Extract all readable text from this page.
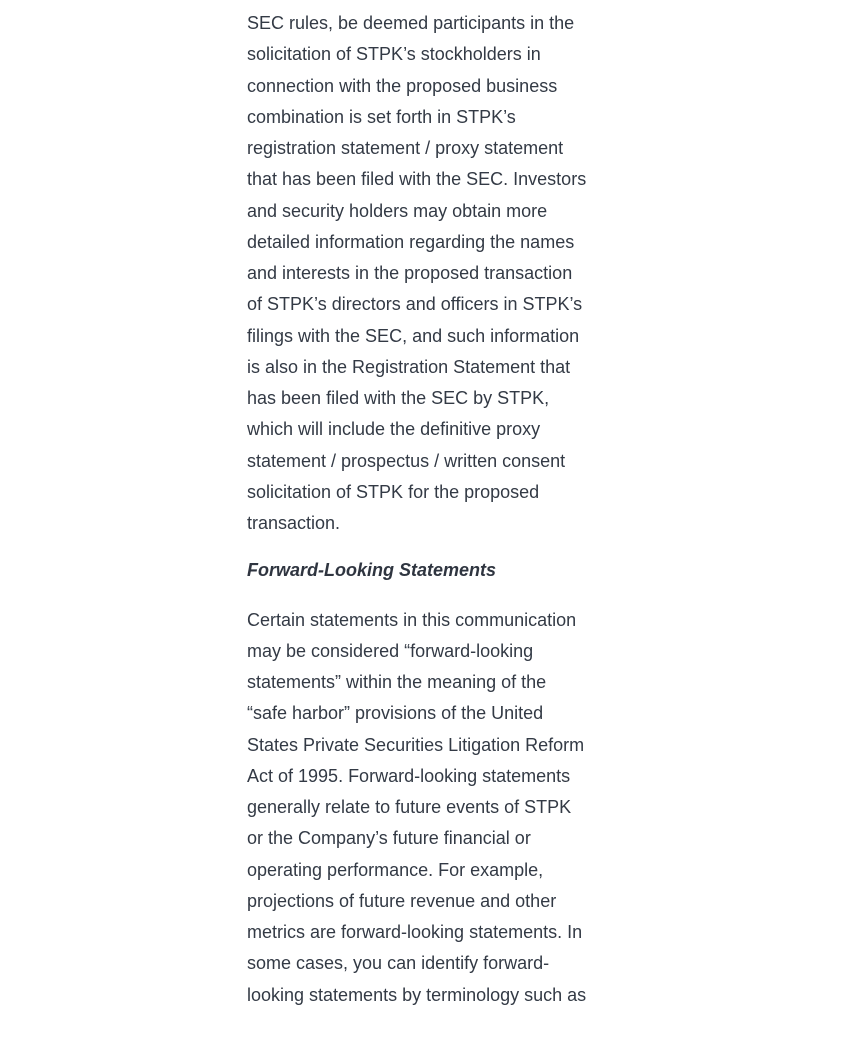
SEC rules, be deemed participants in the
solicitation of STPK’s stockholders in
connection with the proposed business
combination is set forth in STPK’s
registration statement / proxy statement
that has been filed with the SEC. Investors
and security holders may obtain more
detailed information regarding the names
and interests in the proposed transaction
of STPK’s directors and officers in STPK’s
filings with the SEC, and such information
is also in the Registration Statement that
has been filed with the SEC by STPK,
which will include the definitive proxy
statement / prospectus / written consent
solicitation of STPK for the proposed
transaction.

Forward-Looking Statements

Certain statements in this communication
may be considered “forward-looking
statements” within the meaning of the
“safe harbor” provisions of the United
States Private Securities Litigation Reform
Act of 1995. Forward-looking statements
generally relate to future events of STPK
or the Company’s future financial or
operating performance. For example,
projections of future revenue and other
metrics are forward-looking statements. In
some cases, you can identify forward-
looking statements by terminology such as
